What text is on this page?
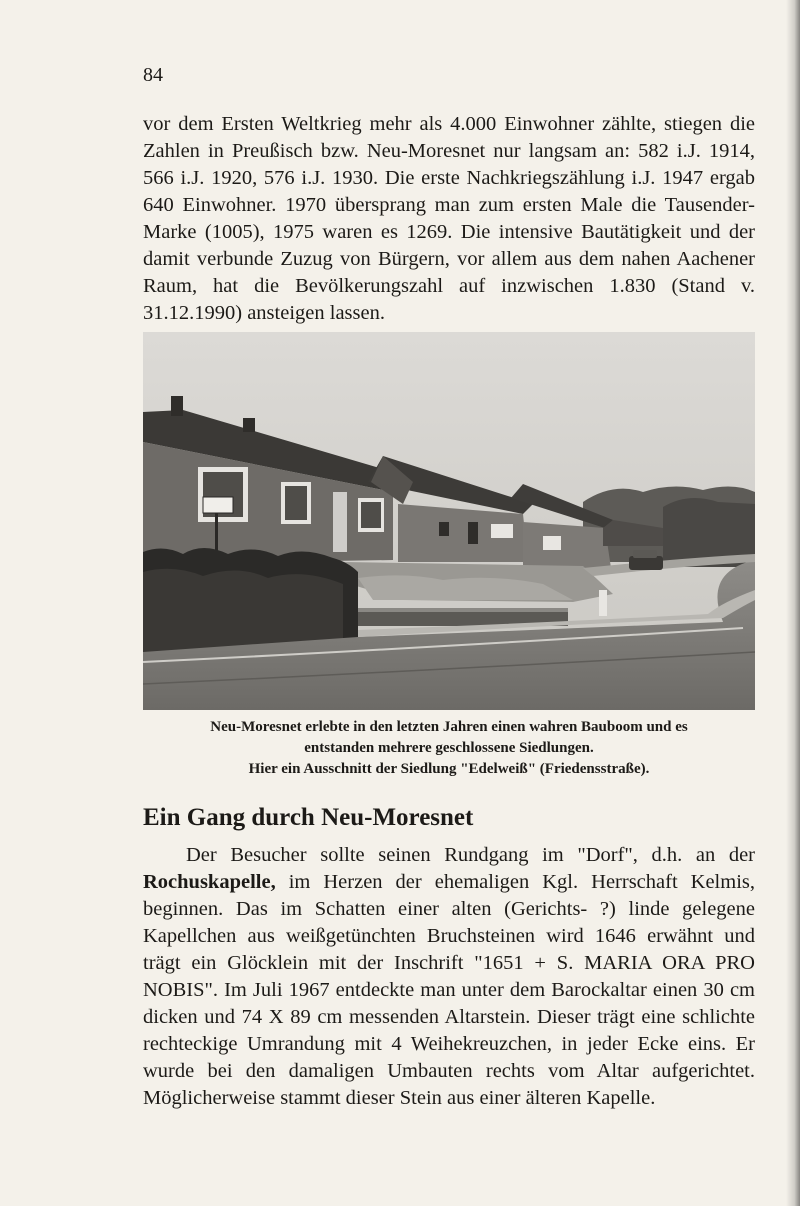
84

vor dem Ersten Weltkrieg mehr als 4.000 Einwohner zählte, stiegen die Zahlen in Preußisch bzw. Neu-Moresnet nur langsam an: 582 i.J. 1914, 566 i.J. 1920, 576 i.J. 1930. Die erste Nachkriegszählung i.J. 1947 ergab 640 Einwohner. 1970 übersprang man zum ersten Male die Tausender-Marke (1005), 1975 waren es 1269. Die intensive Bautätigkeit und der damit verbunde Zuzug von Bürgern, vor allem aus dem nahen Aachener Raum, hat die Bevölkerungszahl auf inzwischen 1.830 (Stand v. 31.12.1990) ansteigen lassen.

Neu-Moresnet erlebte in den letzten Jahren einen wahren Bauboom und es
entstanden mehrere geschlossene Siedlungen.
Hier ein Ausschnitt der Siedlung "Edelweiß" (Friedensstraße).
Ein Gang durch Neu-Moresnet

Der Besucher sollte seinen Rundgang im "Dorf", d.h. an der Rochuskapelle, im Herzen der ehemaligen Kgl. Herrschaft Kelmis, beginnen. Das im Schatten einer alten (Gerichts- ?) linde gelegene Kapellchen aus weißgetünchten Bruchsteinen wird 1646 erwähnt und trägt ein Glöcklein mit der Inschrift "1651 + S. MARIA ORA PRO NOBIS". Im Juli 1967 entdeckte man unter dem Barockaltar einen 30 cm dicken und 74 X 89 cm messenden Altarstein. Dieser trägt eine schlichte rechteckige Umrandung mit 4 Weihekreuzchen, in jeder Ecke eins. Er wurde bei den damaligen Umbauten rechts vom Altar aufgerichtet. Möglicherweise stammt dieser Stein aus einer älteren Kapelle.
